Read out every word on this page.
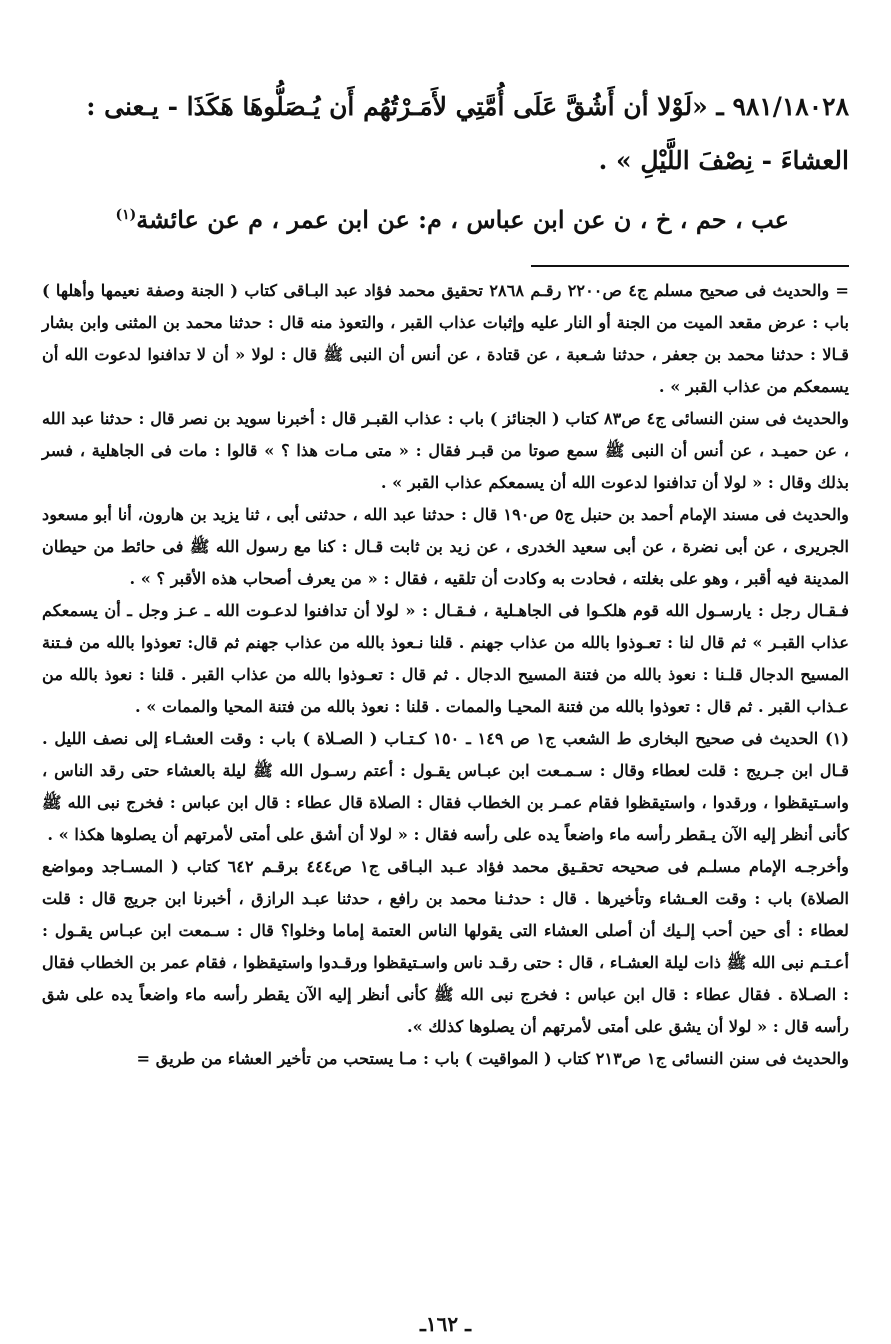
٩٨١/١٨٠٢٨ ـ «لَوْلا أن أَشُقَّ عَلَى أُمَّتِي لأَمَـرْتُهُم أَن يُـصَلُّوهَا هَكَذَا - يـعنى :

العشاءَ - نِصْفَ اللَّيْلِ » .

عب ، حم ، خ ، ن عن ابن عباس ، م: عن ابن عمر ، م عن عائشة$^{(١)}$

= والحديث فى صحيح مسلم ج٤ ص٢٢٠٠ رقـم ٢٨٦٨ تحقيق محمد فؤاد عبد البـاقى كتاب ( الجنة وصفة نعيمها وأهلها ) باب : عرض مقعد الميت من الجنة أو النار عليه وإثبات عذاب القبر ، والتعوذ منه قال : حدثنا محمد بن المثنى وابن بشار قـالا : حدثنا محمد بن جعفر ، حدثنا شـعبة ، عن قتادة ، عن أنس أن النبى ﷺ قال : لولا « أن لا تدافنوا لدعوت الله أن يسمعكم من عذاب القبر » .

والحديث فى سنن النسائى ج٤ ص٨٣ كتاب ( الجنائز ) باب : عذاب القبـر قال : أخبرنا سويد بن نصر قال : حدثنا عبد الله ، عن حميـد ، عن أنس أن النبى ﷺ سمع صوتا من قبـر فقال : « متى مـات هذا ؟ » قالوا : مات فى الجاهلية ، فسر بذلك وقال : « لولا أن تدافنوا لدعوت الله أن يسمعكم عذاب القبر » .

والحديث فى مسند الإمام أحمد بن حنبل ج٥ ص١٩٠ قال : حدثنا عبد الله ، حدثنى أبى ، ثنا يزيد بن هارون، أنا أبو مسعود الجريرى ، عن أبى نضرة ، عن أبى سعيد الخدرى ، عن زيد بن ثابت قـال : كنا مع رسول الله ﷺ فى حائط من حيطان المدينة فيه أقبر ، وهو على بغلته ، فحادت به وكادت أن تلقيه ، فقال : « من يعرف أصحاب هذه الأقبر ؟ » .

فـقـال رجل : يارسـول الله قوم هلكـوا فى الجاهـلية ، فـقـال : « لولا أن تدافنوا لدعـوت الله ـ عـز وجل ـ أن يسمعكم عذاب القبـر » ثم قال لنا : تعـوذوا بالله من عذاب جهنم . قلنا نـعوذ بالله من عذاب جهنم ثم قال: تعوذوا بالله من فـتنة المسيح الدجال قلـنا : نعوذ بالله من فتنة المسيح الدجال . ثم قال : تعـوذوا بالله من عذاب القبر . قلنا : نعوذ بالله من عـذاب القبر . ثم قال : تعوذوا بالله من فتنة المحيـا والممات . قلنا : نعوذ بالله من فتنة المحيا والممات » .

(١) الحديث فى صحيح البخارى ط الشعب ج١ ص ١٤٩ ـ ١٥٠ كـتـاب ( الصـلاة ) باب : وقت العشـاء إلى نصف الليل . قـال ابن جـريج : قلت لعطاء وقال : سـمـعت ابن عبـاس يقـول : أعتم رسـول الله ﷺ ليلة بالعشاء حتى رقد الناس ، واسـتيقظوا ، ورقدوا ، واستيقظوا فقام عمـر بن الخطاب فقال : الصلاة قال عطاء : قال ابن عباس : فخرج نبى الله ﷺ كأنى أنظر إليه الآن يـقطر رأسه ماء واضعاً يده على رأسه فقال : « لولا أن أشق على أمتى لأمرتهم أن يصلوها هكذا » .

وأخرجـه الإمام مسلـم فى صحيحه تحقـيق محمد فؤاد عـبد البـاقى ج١ ص٤٤٤ برقـم ٦٤٢ كتاب ( المسـاجد ومواضع الصلاة) باب : وقت العـشاء وتأخيرها . قال : حدثـنا محمد بن رافع ، حدثنا عبـد الرازق ، أخبرنا ابن جريج قال : قلت لعطاء : أى حين أحب إلـيك أن أصلى العشاء التى يقولها الناس العتمة إماما وخلوا؟ قال : سـمعت ابن عبـاس يقـول : أعـتـم نبى الله ﷺ ذات ليلة العشـاء ، قال : حتى رقـد ناس واسـتيقظوا ورقـدوا واستيقظوا ، فقام عمر بن الخطاب فقال : الصـلاة . فقال عطاء : قال ابن عباس : فخرج نبى الله ﷺ كأنى أنظر إليه الآن يقطر رأسه ماء واضعاً يده على شق رأسه قال : « لولا أن يشق على أمتى لأمرتهم أن يصلوها كذلك ».

والحديث فى سنن النسائى ج١ ص٢١٣ كتاب ( المواقيت ) باب : مـا يستحب من تأخير العشاء من طريق =

ـ ١٦٢ـ
